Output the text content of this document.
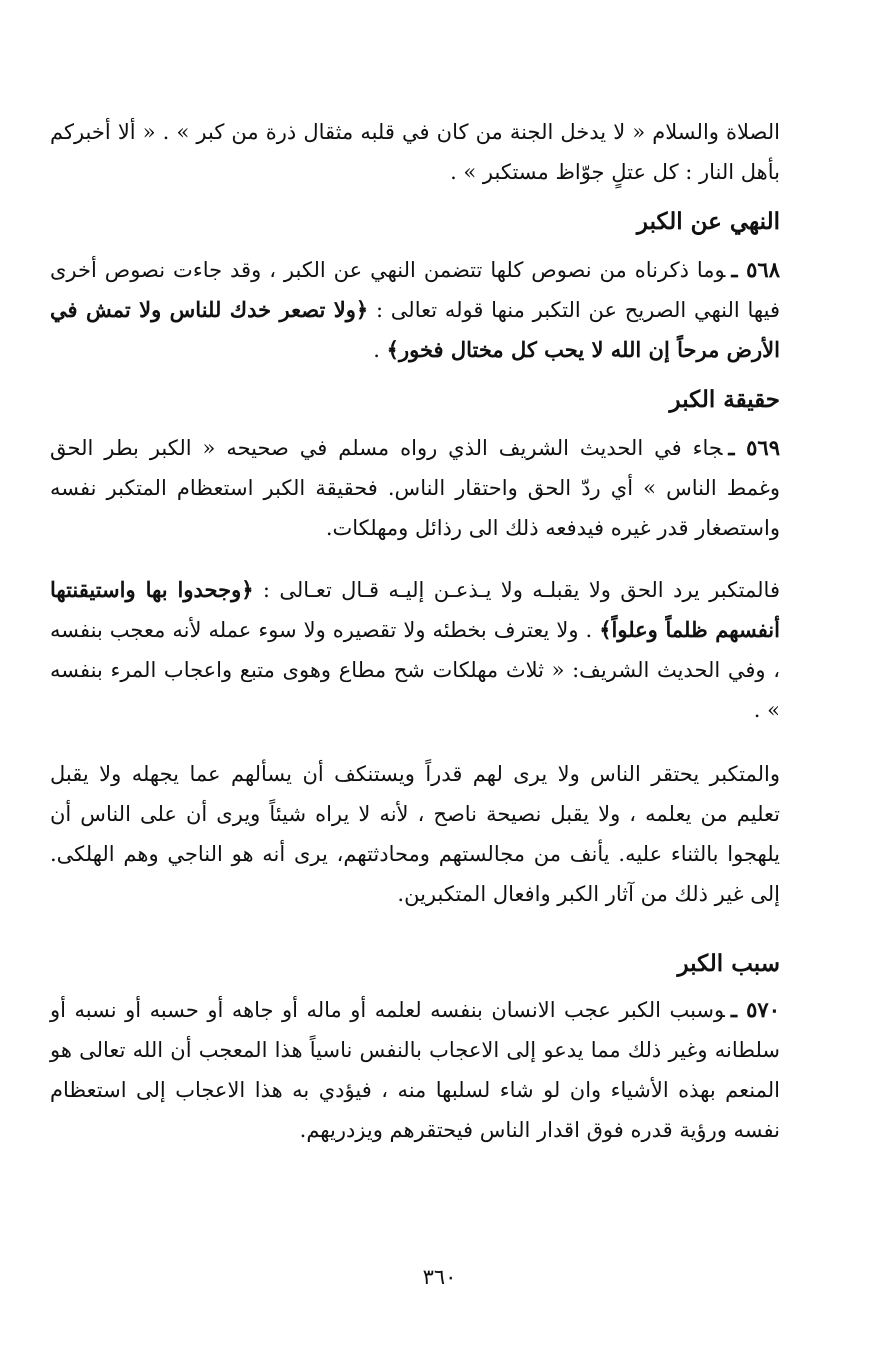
الصلاة والسلام « لا يدخل الجنة من كان في قلبه مثقال ذرة من كبر » . « ألا أخبركم بأهل النار : كل عتلٍ جوّاظ مستكبر » .

النهي عن الكبر

٥٦٨ ـوما ذكرناه من نصوص كلها تتضمن النهي عن الكبر ، وقد جاءت نصوص أخرى فيها النهي الصريح عن التكبر منها قوله تعالى : ﴿ولا تصعر خدك للناس ولا تمش في الأرض مرحاً إن الله لا يحب كل مختال فخور﴾ .

حقيقة الكبر

٥٦٩ ـجاء في الحديث الشريف الذي رواه مسلم في صحيحه « الكبر بطر الحق وغمط الناس » أي ردّ الحق واحتقار الناس. فحقيقة الكبر استعظام المتكبر نفسه واستصغار قدر غيره فيدفعه ذلك الى رذائل ومهلكات.

فالمتكبر يرد الحق ولا يقبلـه ولا يـذعـن إليـه قـال تعـالى : ﴿وجحدوا بها واستيقنتها أنفسهم ظلماً وعلواً﴾ . ولا يعترف بخطئه ولا تقصيره ولا سوء عمله لأنه معجب بنفسه ، وفي الحديث الشريف: « ثلاث مهلكات شح مطاع وهوى متبع واعجاب المرء بنفسه » .

والمتكبر يحتقر الناس ولا يرى لهم قدراً ويستنكف أن يسألهم عما يجهله ولا يقبل تعليم من يعلمه ، ولا يقبل نصيحة ناصح ، لأنه لا يراه شيئاً ويرى أن على الناس أن يلهجوا بالثناء عليه. يأنف من مجالستهم ومحادثتهم، يرى أنه هو الناجي وهم الهلكى. إلى غير ذلك من آثار الكبر وافعال المتكبرين.

سبب الكبر

٥٧٠ ـوسبب الكبر عجب الانسان بنفسه لعلمه أو ماله أو جاهه أو حسبه أو نسبه أو سلطانه وغير ذلك مما يدعو إلى الاعجاب بالنفس ناسياً هذا المعجب أن الله تعالى هو المنعم بهذه الأشياء وان لو شاء لسلبها منه ، فيؤدي به هذا الاعجاب إلى استعظام نفسه ورؤية قدره فوق اقدار الناس فيحتقرهم ويزدريهم.

٣٦٠
